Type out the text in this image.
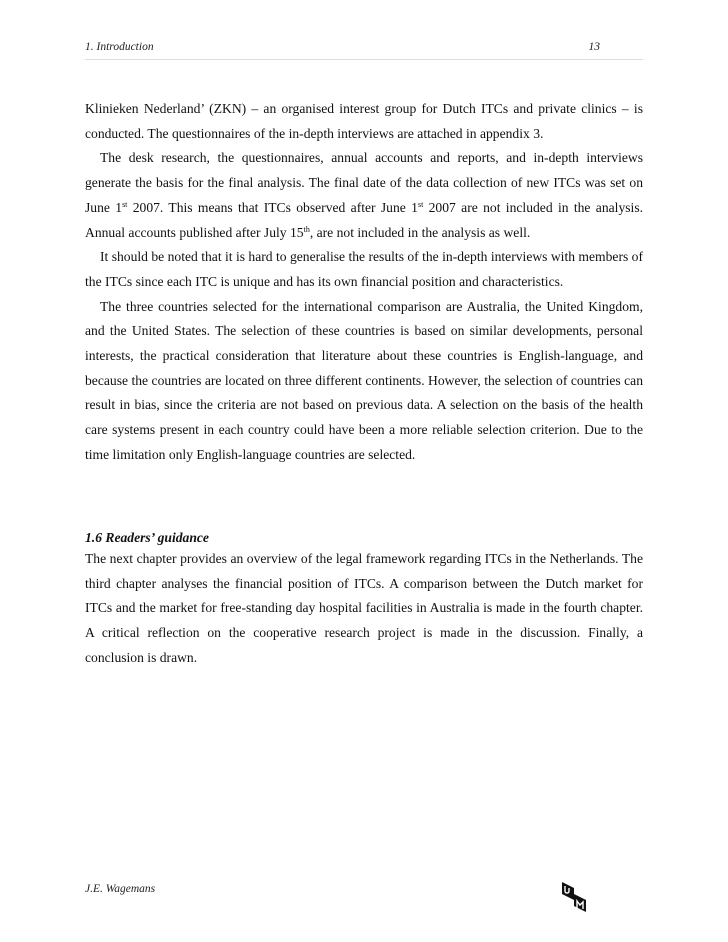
1. Introduction	13

Klinieken Nederland’ (ZKN) – an organised interest group for Dutch ITCs and private clinics – is conducted. The questionnaires of the in-depth interviews are attached in appendix 3.

The desk research, the questionnaires, annual accounts and reports, and in-depth interviews generate the basis for the final analysis. The final date of the data collection of new ITCs was set on June 1st 2007. This means that ITCs observed after June 1st 2007 are not included in the analysis. Annual accounts published after July 15th, are not included in the analysis as well.

It should be noted that it is hard to generalise the results of the in-depth interviews with members of the ITCs since each ITC is unique and has its own financial position and characteristics.

The three countries selected for the international comparison are Australia, the United Kingdom, and the United States. The selection of these countries is based on similar developments, personal interests, the practical consideration that literature about these countries is English-language, and because the countries are located on three different continents. However, the selection of countries can result in bias, since the criteria are not based on previous data. A selection on the basis of the health care systems present in each country could have been a more reliable selection criterion. Due to the time limitation only English-language countries are selected.

1.6 Readers’ guidance

The next chapter provides an overview of the legal framework regarding ITCs in the Netherlands. The third chapter analyses the financial position of ITCs. A comparison between the Dutch market for ITCs and the market for free-standing day hospital facilities in Australia is made in the fourth chapter. A critical reflection on the cooperative research project is made in the discussion. Finally, a conclusion is drawn.

J.E. Wagemans
